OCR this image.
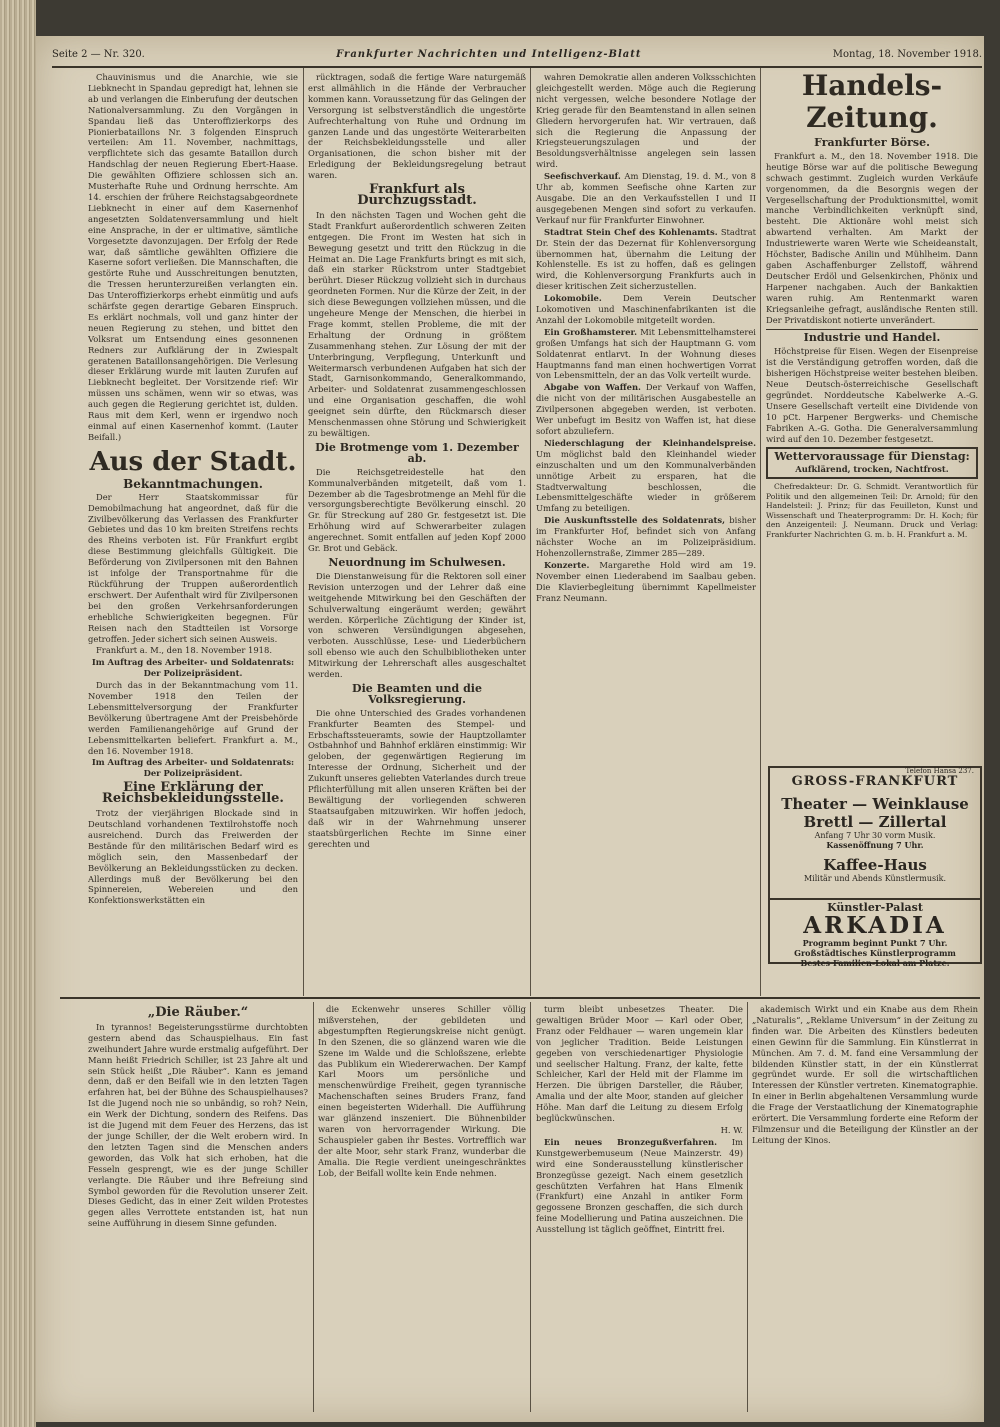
Seite 2 — Nr. 320.	Frankfurter Nachrichten und Intelligenz-Blatt	Montag, 18. November 1918.

Chauvinismus und die Anarchie, wie sie Liebknecht in Spandau gepredigt hat, lehnen sie ab und verlangen die Einberufung der deutschen Nationalversammlung. Zu den Vorgängen in Spandau ließ das Unteroffizierkorps des Pionierbataillons Nr. 3 folgenden Einspruch verteilen: Am 11. November, nachmittags, verpflichtete sich das gesamte Bataillon durch Handschlag der neuen Regierung Ebert-Haase. Die gewählten Offiziere schlossen sich an. Musterhafte Ruhe und Ordnung herrschte. Am 14. erschien der frühere Reichstagsabgeordnete Liebknecht in einer auf dem Kasernenhof angesetzten Soldatenversammlung und hielt eine Ansprache, in der er ultimative, sämtliche Vorgesetzte davonzujagen. Der Erfolg der Rede war, daß sämtliche gewählten Offiziere die Kaserne sofort verließen. Die Mannschaften, die gestörte Ruhe und Ausschreitungen benutzten, die Tressen herunterzureißen verlangten ein. Das Unteroffizierkorps erhebt einmütig und aufs schärfste gegen derartige Gebaren Einspruch. Es erklärt nochmals, voll und ganz hinter der neuen Regierung zu stehen, und bittet den Volksrat um Entsendung eines gesonnenen Redners zur Aufklärung der in Zwiespalt geratenen Bataillonsangehörigen. Die Verlesung dieser Erklärung wurde mit lauten Zurufen auf Liebknecht begleitet. Der Vorsitzende rief: Wir müssen uns schämen, wenn wir so etwas, was auch gegen die Regierung gerichtet ist, dulden. Raus mit dem Kerl, wenn er irgendwo noch einmal auf einen Kasernenhof kommt. (Lauter Beifall.)

Aus der Stadt.
Bekanntmachungen.

Der Herr Staatskommissar für Demobilmachung hat angeordnet, daß für die Zivilbevölkerung das Verlassen des Frankfurter Gebietes und das 10 km breiten Streifens rechts des Rheins verboten ist. Für Frankfurt ergibt diese Bestimmung gleichfalls Gültigkeit. Die Beförderung von Zivilpersonen mit den Bahnen ist infolge der Transportnahme für die Rückführung der Truppen außerordentlich erschwert. Der Aufenthalt wird für Zivilpersonen bei den großen Verkehrsanforderungen erhebliche Schwierigkeiten begegnen. Für Reisen nach den Stadtteilen ist Vorsorge getroffen. Jeder sichert sich seinen Ausweis.

Frankfurt a. M., den 18. November 1918.

Im Auftrag des Arbeiter- und Soldatenrats: Der Polizeipräsident.

Durch das in der Bekanntmachung vom 11. November 1918 den Teilen der Lebensmittelversorgung der Frankfurter Bevölkerung übertragene Amt der Preisbehörde werden Familienangehörige auf Grund der Lebensmittelkarten beliefert. Frankfurt a. M., den 16. November 1918.

Im Auftrag des Arbeiter- und Soldatenrats: Der Polizeipräsident.

Eine Erklärung der Reichsbekleidungsstelle.

Trotz der vierjährigen Blockade sind in Deutschland vorhandenen Textilrohstoffe noch ausreichend. Durch das Freiwerden der Bestände für den militärischen Bedarf wird es möglich sein, den Massenbedarf der Bevölkerung an Bekleidungsstücken zu decken. Allerdings muß der Bevölkerung bei den Spinnereien, Webereien und den Konfektionswerkstätten ein

rücktragen, sodaß die fertige Ware naturgemäß erst allmählich in die Hände der Verbraucher kommen kann. Voraussetzung für das Gelingen der Versorgung ist selbstverständlich die ungestörte Aufrechterhaltung von Ruhe und Ordnung im ganzen Lande und das ungestörte Weiterarbeiten der Reichsbekleidungsstelle und aller Organisationen, die schon bisher mit der Erledigung der Bekleidungsregelung betraut waren.

Frankfurt als Durchzugsstadt.

In den nächsten Tagen und Wochen geht die Stadt Frankfurt außerordentlich schweren Zeiten entgegen. Die Front im Westen hat sich in Bewegung gesetzt und tritt den Rückzug in die Heimat an. Die Lage Frankfurts bringt es mit sich, daß ein starker Rückstrom unter Stadtgebiet berührt. Dieser Rückzug vollzieht sich in durchaus geordneten Formen. Nur die Kürze der Zeit, in der sich diese Bewegungen vollziehen müssen, und die ungeheure Menge der Menschen, die hierbei in Frage kommt, stellen Probleme, die mit der Erhaltung der Ordnung in größtem Zusammenhang stehen. Zur Lösung der mit der Unterbringung, Verpflegung, Unterkunft und Weitermarsch verbundenen Aufgaben hat sich der Stadt, Garnisonkommando, Generalkommando, Arbeiter- und Soldatenrat zusammengeschlossen und eine Organisation geschaffen, die wohl geeignet sein dürfte, den Rückmarsch dieser Menschenmassen ohne Störung und Schwierigkeit zu bewältigen.

Die Brotmenge vom 1. Dezember ab.

Die Reichsgetreidestelle hat den Kommunalverbänden mitgeteilt, daß vom 1. Dezember ab die Tagesbrotmenge an Mehl für die versorgungsberechtigte Bevölkerung einschl. 20 Gr. für Streckung auf 280 Gr. festgesetzt ist. Die Erhöhung wird auf Schwerarbeiter zulagen angerechnet. Somit entfallen auf jeden Kopf 2000 Gr. Brot und Gebäck.

Neuordnung im Schulwesen.

Die Dienstanweisung für die Rektoren soll einer Revision unterzogen und der Lehrer daß eine weitgehende Mitwirkung bei den Geschäften der Schulverwaltung eingeräumt werden; gewährt werden. Körperliche Züchtigung der Kinder ist, von schweren Versündigungen abgesehen, verboten. Ausschlüsse, Lese- und Liederbüchern soll ebenso wie auch den Schulbibliotheken unter Mitwirkung der Lehrerschaft alles ausgeschaltet werden.

Die Beamten und die Volksregierung.

Die ohne Unterschied des Grades vorhandenen Frankfurter Beamten des Stempel- und Erbschaftssteueramts, sowie der Hauptzollamter Ostbahnhof und Bahnhof erklären einstimmig: Wir geloben, der gegenwärtigen Regierung im Interesse der Ordnung, Sicherheit und der Zukunft unseres geliebten Vaterlandes durch treue Pflichterfüllung mit allen unseren Kräften bei der Bewältigung der vorliegenden schweren Staatsaufgaben mitzuwirken. Wir hoffen jedoch, daß wir in der Wahrnehmung unserer staatsbürgerlichen Rechte im Sinne einer gerechten und

wahren Demokratie allen anderen Volksschichten gleichgestellt werden. Möge auch die Regierung nicht vergessen, welche besondere Notlage der Krieg gerade für den Beamtenstand in allen seinen Gliedern hervorgerufen hat. Wir vertrauen, daß sich die Regierung die Anpassung der Kriegsteuerungszulagen und der Besoldungsverhältnisse angelegen sein lassen wird.

Seefischverkauf. Am Dienstag, 19. d. M., von 8 Uhr ab, kommen Seefische ohne Karten zur Ausgabe. Die an den Verkaufsstellen I und II ausgegebenen Mengen sind sofort zu verkaufen. Verkauf nur für Frankfurter Einwohner.

Stadtrat Stein Chef des Kohlenamts. Stadtrat Dr. Stein der das Dezernat für Kohlenversorgung übernommen hat, übernahm die Leitung der Kohlenstelle. Es ist zu hoffen, daß es gelingen wird, die Kohlenversorgung Frankfurts auch in dieser kritischen Zeit sicherzustellen.

Lokomobile.	Dem Verein Deutscher Lokomotiven und Maschinenfabrikanten ist die Anzahl der Lokomobile mitgeteilt worden.

Ein Großhamsterer. Mit Lebensmittelhamsterei großen Umfangs hat sich der Hauptmann G. vom Soldatenrat entlarvt. In der Wohnung dieses Hauptmanns fand man einen hochwertigen Vorrat von Lebensmitteln, der an das Volk verteilt wurde.

Abgabe von Waffen. Der Verkauf von Waffen, die nicht von der militärischen Ausgabestelle an Zivilpersonen abgegeben werden, ist verboten. Wer unbefugt im Besitz von Waffen ist, hat diese sofort abzuliefern.

Niederschlagung der Kleinhandelspreise. Um möglichst bald den Kleinhandel wieder einzuschalten und um den Kommunalverbänden unnötige Arbeit zu ersparen, hat die Stadtverwaltung beschlossen, die Lebensmittelgeschäfte wieder in größerem Umfang zu beteiligen.

Die Auskunftsstelle des Soldatenrats, bisher im Frankfurter Hof, befindet sich von Anfang nächster Woche an im Polizeipräsidium. Hohenzollernstraße, Zimmer 285—289.

Konzerte. Margarethe Hold wird am 19. November einen Liederabend im Saalbau geben. Die Klavierbegleitung übernimmt Kapellmeister Franz Neumann.

Handels-Zeitung.
Frankfurter Börse.

Frankfurt a. M., den 18. November 1918. Die heutige Börse war auf die politische Bewegung schwach gestimmt. Zugleich wurden Verkäufe vorgenommen, da die Besorgnis wegen der Vergesellschaftung der Produktionsmittel, womit manche Verbindlichkeiten verknüpft sind, besteht. Die Aktionäre wohl meist sich abwartend verhalten. Am Markt der Industriewerte waren Werte wie Scheideanstalt, Höchster, Badische Anilin und Mühlheim. Dann gaben Aschaffenburger Zellstoff, während Deutscher Erdöl und Gelsenkirchen, Phönix und Harpener nachgaben. Auch der Bankaktien waren ruhig. Am Rentenmarkt waren Kriegsanleihe gefragt, ausländische Renten still. Der Privatdiskont notierte unverändert.

Industrie und Handel.

Höchstpreise für Eisen. Wegen der Eisenpreise ist die Verständigung getroffen worden, daß die bisherigen Höchstpreise weiter bestehen bleiben. Neue Deutsch-österreichische Gesellschaft gegründet. Norddeutsche Kabelwerke A.-G. Unsere Gesellschaft verteilt eine Dividende von 10 pCt. Harpener Bergwerks- und Chemische Fabriken A.-G. Gotha. Die Generalversammlung wird auf den 10. Dezember festgesetzt.

Wettervoraussage für Dienstag:
Aufklärend, trocken, Nachtfrost.

Chefredakteur: Dr. G. Schmidt. Verantwortlich für Politik und den allgemeinen Teil: Dr. Arnold; für den Handelsteil: J. Prinz; für das Feuilleton, Kunst und Wissenschaft und Theaterprogramm: Dr. H. Koch; für den Anzeigenteil: J. Neumann. Druck und Verlag: Frankfurter Nachrichten G. m. b. H. Frankfurt a. M.

Telefon Hansa 237.
GROSS-FRANKFURT
Theater — Weinklause
Brettl — Zillertal
Anfang 7 Uhr 30 vorm Musik.
Kassenöffnung 7 Uhr.
Kaffee-Haus
Militär und Abends Künstlermusik.
Künstler-Palast
ARKADIA
Programm beginnt Punkt 7 Uhr.
Großstädtisches Künstlerprogramm
Bestes Familien-Lokal am Platze.
„Die Räuber.“

In tyrannos! Begeisterungsstürme durchtobten gestern abend das Schauspielhaus. Ein fast zweihundert Jahre wurde erstmalig aufgeführt. Der Mann heißt Friedrich Schiller, ist 23 Jahre alt und sein Stück heißt „Die Räuber“. Kann es jemand denn, daß er den Beifall wie in den letzten Tagen erfahren hat, bei der Bühne des Schauspielhauses? Ist die Jugend noch nie so unbändig, so roh? Nein, ein Werk der Dichtung, sondern des Reifens. Das ist die Jugend mit dem Feuer des Herzens, das ist der junge Schiller, der die Welt erobern wird. In den letzten Tagen sind die Menschen anders geworden, das Volk hat sich erhoben, hat die Fesseln gesprengt, wie es der junge Schiller verlangte. Die Räuber und ihre Befreiung sind Symbol geworden für die Revolution unserer Zeit. Dieses Gedicht, das in einer Zeit wilden Protestes gegen alles Verrottete entstanden ist, hat nun seine Aufführung in diesem Sinne gefunden.

die Eckenwehr unseres Schiller völlig mißverstehen, der gebildeten und abgestumpften Regierungskreise nicht genügt. In den Szenen, die so glänzend waren wie die Szene im Walde und die Schloßszene, erlebte das Publikum ein Wiedererwachen. Der Kampf Karl Moors um persönliche und menschenwürdige Freiheit, gegen tyrannische Machenschaften seines Bruders Franz, fand einen begeisterten Widerhall. Die Aufführung war glänzend inszeniert. Die Bühnenbilder waren von hervorragender Wirkung. Die Schauspieler gaben ihr Bestes. Vortrefflich war der alte Moor, sehr stark Franz, wunderbar die Amalia. Die Regie verdient uneingeschränktes Lob, der Beifall wollte kein Ende nehmen.

turm bleibt unbesetzes Theater. Die gewaltigen Brüder Moor — Karl oder Ober, Franz oder Feldhauer — waren ungemein klar von jeglicher Tradition. Beide Leistungen gegeben von verschiedenartiger Physiologie und seelischer Haltung. Franz, der kalte, fette Schleicher, Karl der Held mit der Flamme im Herzen. Die übrigen Darsteller, die Räuber, Amalia und der alte Moor, standen auf gleicher Höhe. Man darf die Leitung zu diesem Erfolg beglückwünschen.

H. W.

Ein neues Bronzegußverfahren. Im Kunstgewerbemuseum (Neue Mainzerstr. 49) wird eine Sonderausstellung künstlerischer Bronzegüsse gezeigt. Nach einem gesetzlich geschützten Verfahren hat Hans Elmenik (Frankfurt) eine Anzahl in antiker Form gegossene Bronzen geschaffen, die sich durch feine Modellierung und Patina auszeichnen. Die Ausstellung ist täglich geöffnet, Eintritt frei.

akademisch Wirkt und ein Knabe aus dem Rhein „Naturalis“, „Reklame Universum“ in der Zeitung zu finden war. Die Arbeiten des Künstlers bedeuten einen Gewinn für die Sammlung. Ein Künstlerrat in München. Am 7. d. M. fand eine Versammlung der bildenden Künstler statt, in der ein Künstlerrat gegründet wurde. Er soll die wirtschaftlichen Interessen der Künstler vertreten. Kinematographie. In einer in Berlin abgehaltenen Versammlung wurde die Frage der Verstaatlichung der Kinematographie erörtert. Die Versammlung forderte eine Reform der Filmzensur und die Beteiligung der Künstler an der Leitung der Kinos.
